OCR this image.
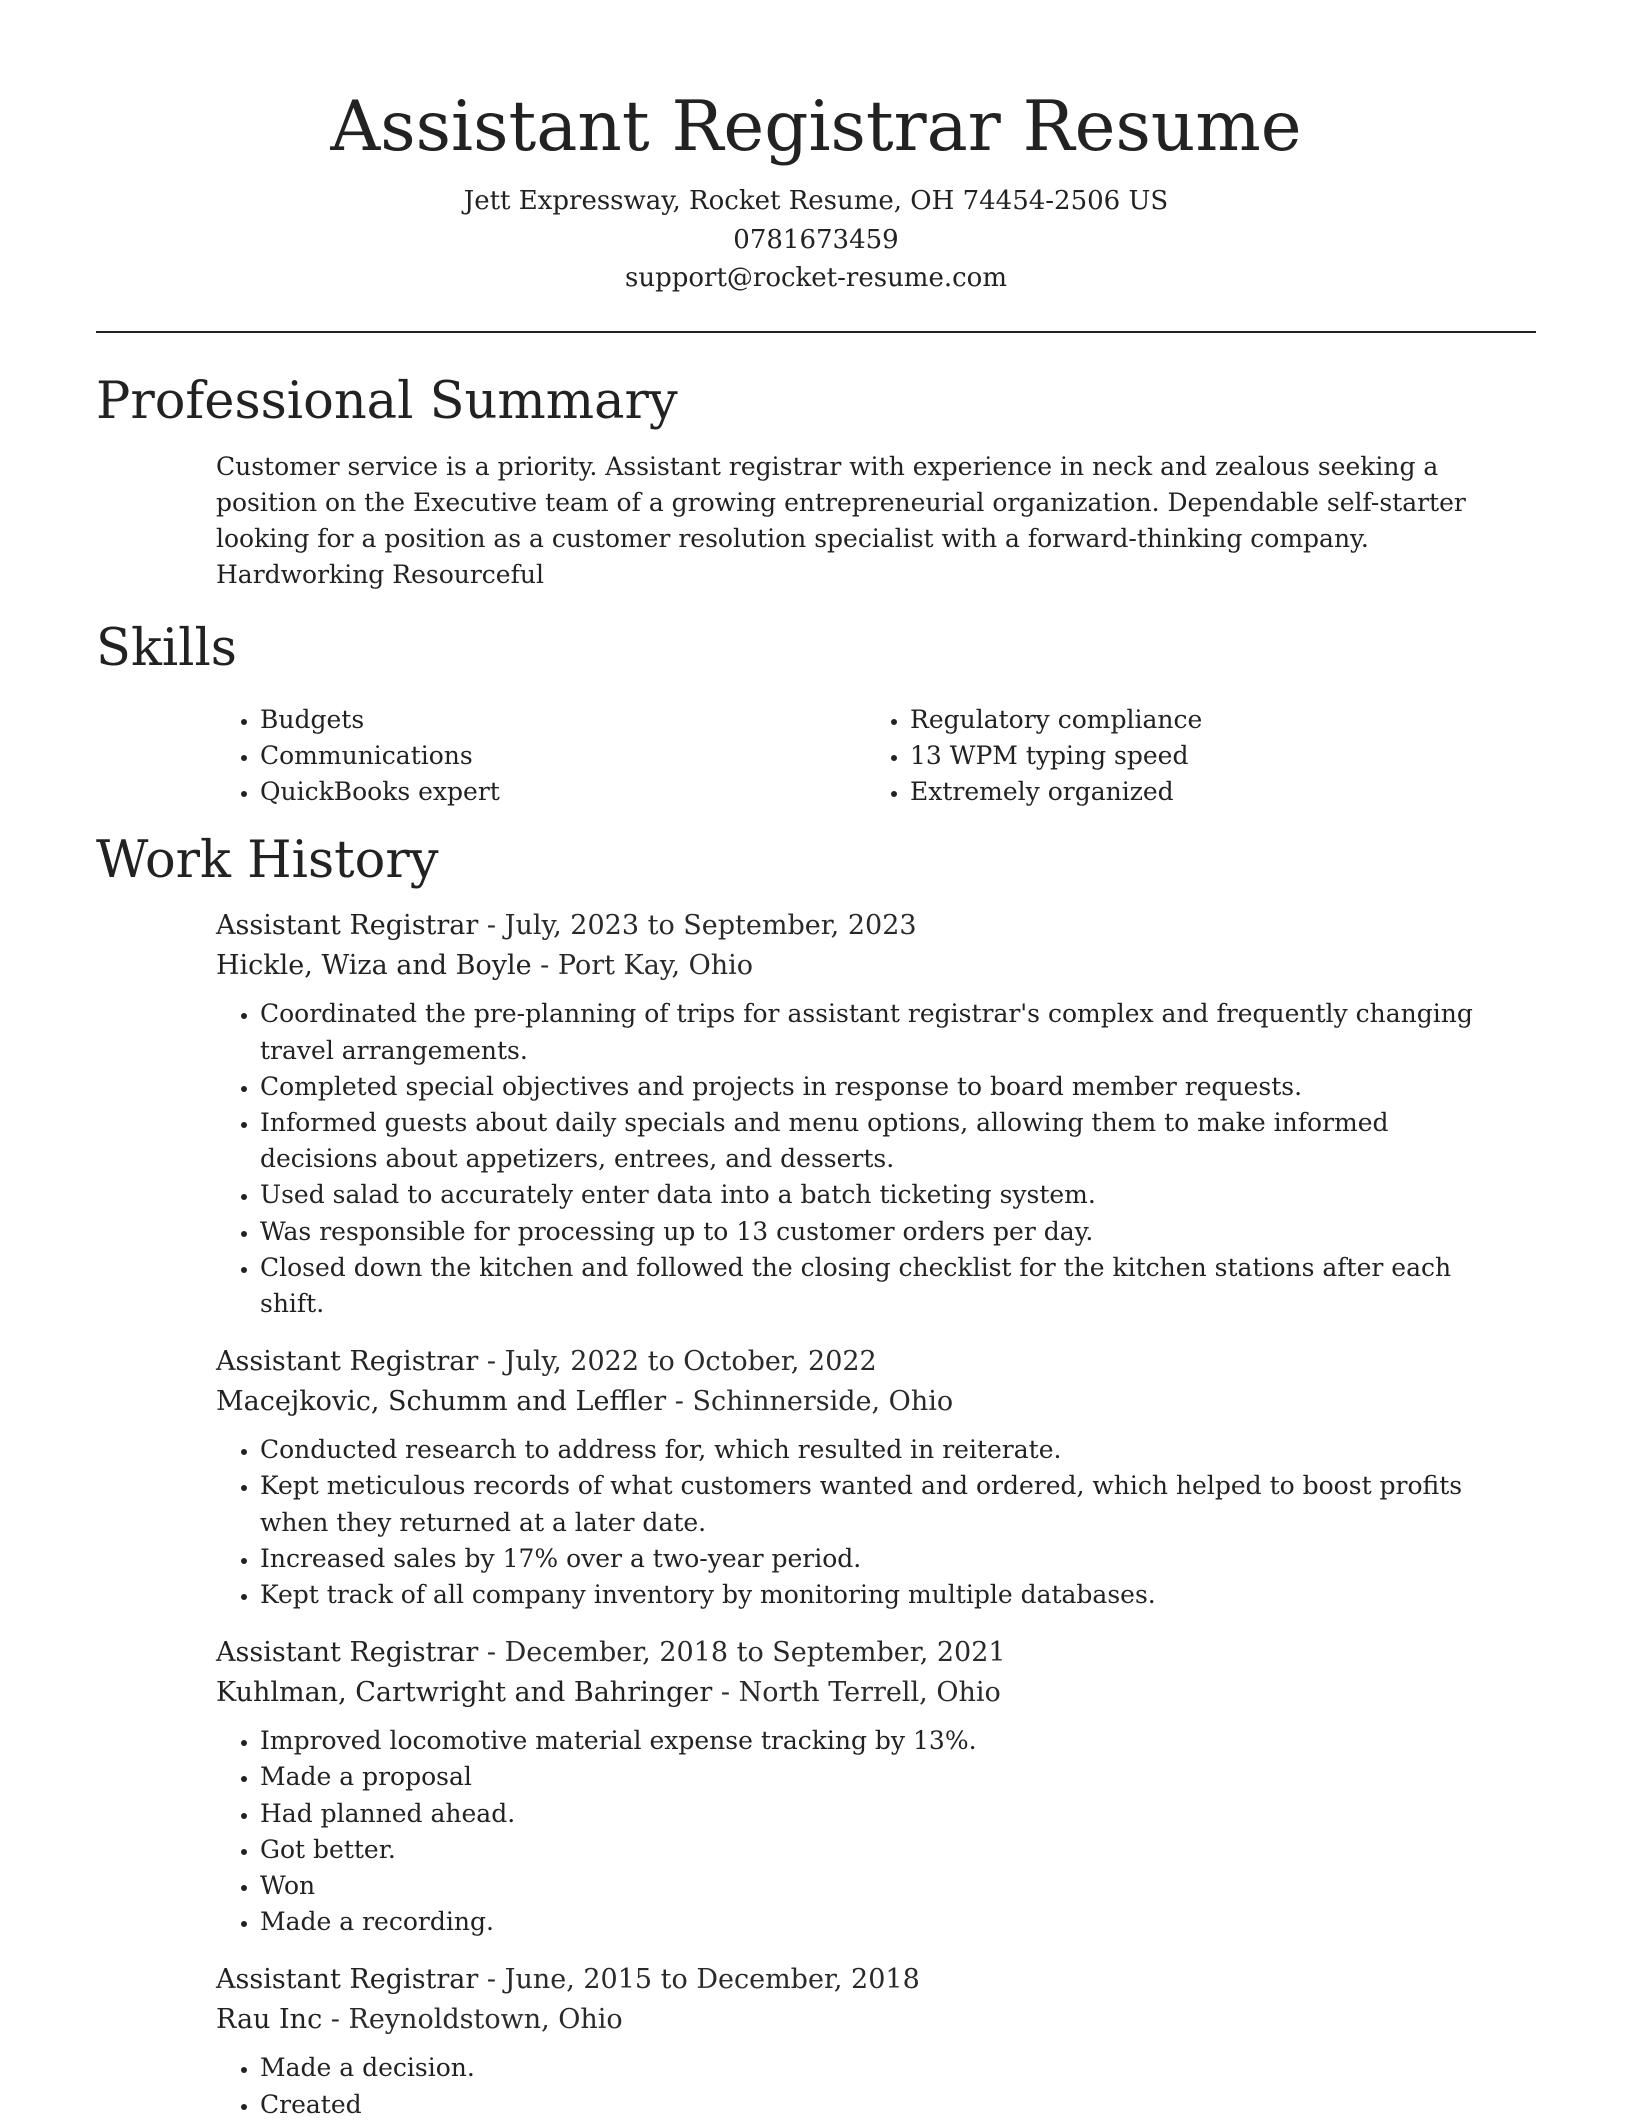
Assistant Registrar Resume
Jett Expressway, Rocket Resume, OH 74454-2506 US
0781673459
support@rocket-resume.com
Professional Summary

Customer service is a priority. Assistant registrar with experience in neck and zealous seeking a position on the Executive team of a growing entrepreneurial organization. Dependable self-starter looking for a position as a customer resolution specialist with a forward-thinking company. Hardworking Resourceful

Skills
• Budgets
• Communications
• QuickBooks expert
• Regulatory compliance
• 13 WPM typing speed
• Extremely organized
Work History
Assistant Registrar - July, 2023 to September, 2023
Hickle, Wiza and Boyle - Port Kay, Ohio
• Coordinated the pre-planning of trips for assistant registrar's complex and frequently changing travel arrangements.
• Completed special objectives and projects in response to board member requests.
• Informed guests about daily specials and menu options, allowing them to make informed decisions about appetizers, entrees, and desserts.
• Used salad to accurately enter data into a batch ticketing system.
• Was responsible for processing up to 13 customer orders per day.
• Closed down the kitchen and followed the closing checklist for the kitchen stations after each shift.
Assistant Registrar - July, 2022 to October, 2022
Macejkovic, Schumm and Leffler - Schinnerside, Ohio
• Conducted research to address for, which resulted in reiterate.
• Kept meticulous records of what customers wanted and ordered, which helped to boost profits when they returned at a later date.
• Increased sales by 17% over a two-year period.
• Kept track of all company inventory by monitoring multiple databases.
Assistant Registrar - December, 2018 to September, 2021
Kuhlman, Cartwright and Bahringer - North Terrell, Ohio
• Improved locomotive material expense tracking by 13%.
• Made a proposal
• Had planned ahead.
• Got better.
• Won
• Made a recording.
Assistant Registrar - June, 2015 to December, 2018
Rau Inc - Reynoldstown, Ohio
• Made a decision.
• Created
